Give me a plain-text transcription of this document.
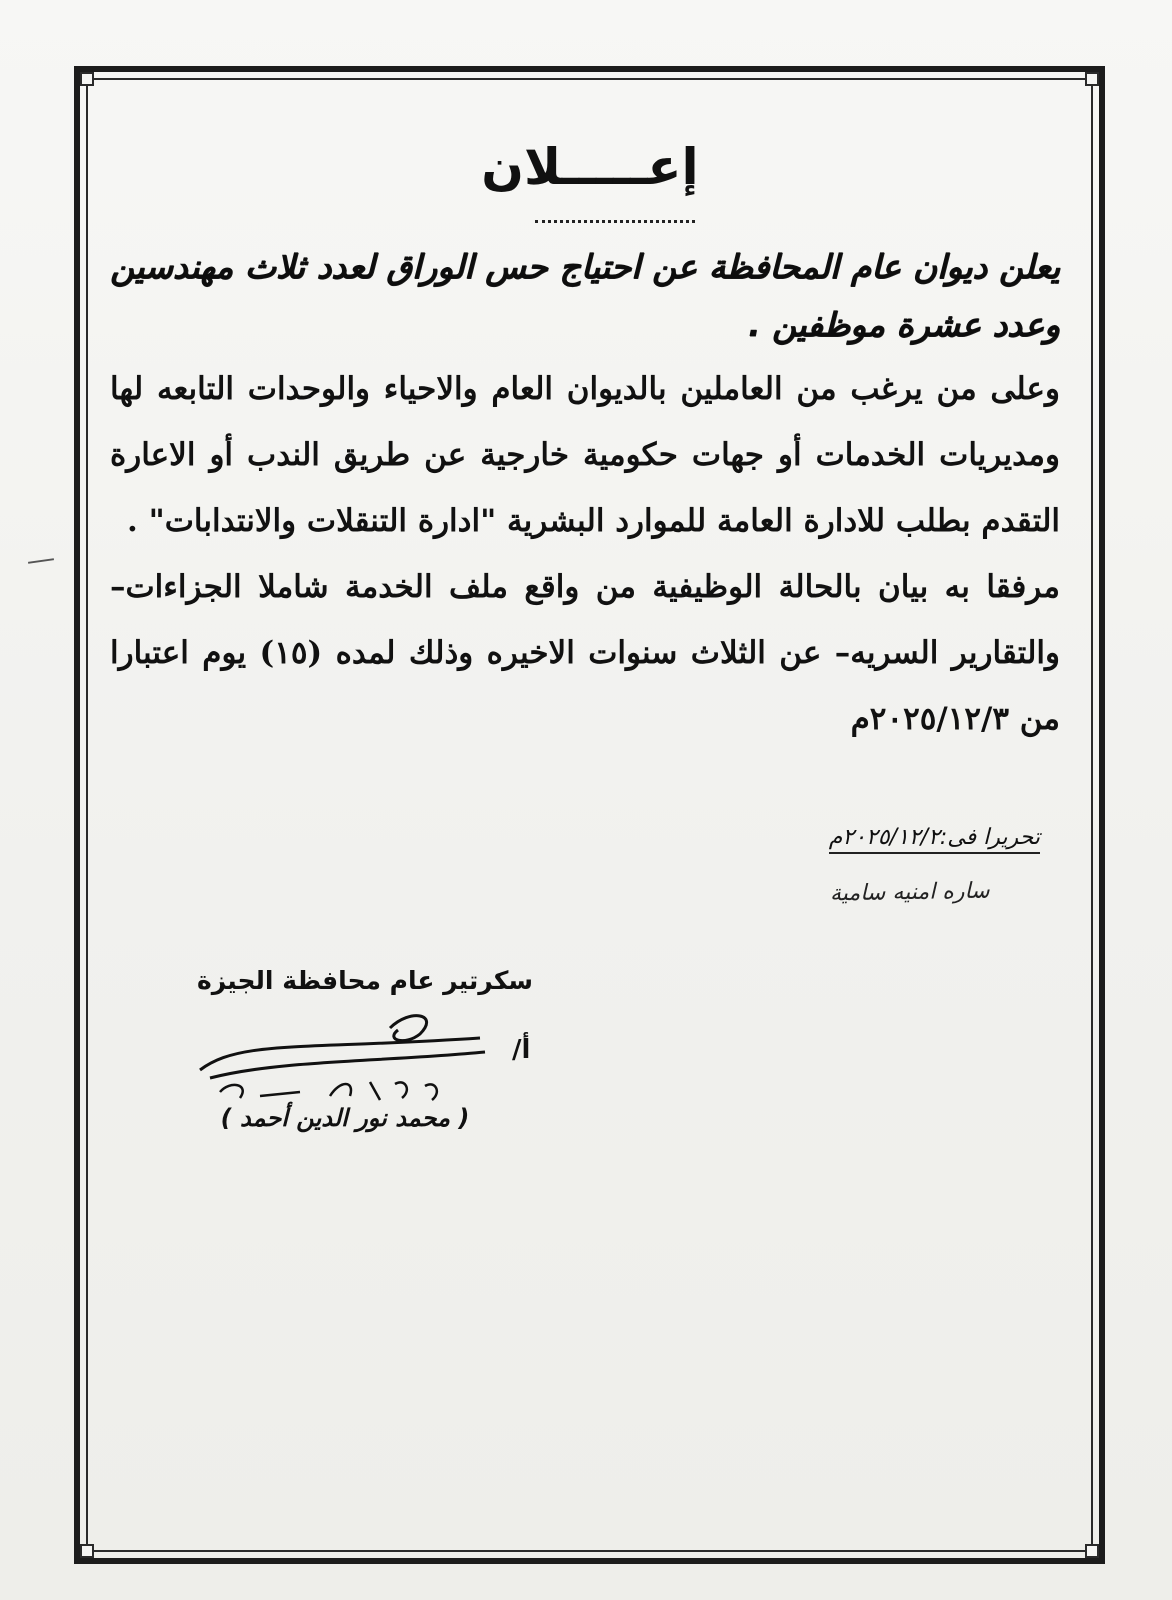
إعـــــلان
يعلن ديوان عام المحافظة عن احتياج حس الوراق لعدد ثلاث مهندسين وعدد عشرة موظفين .

وعلى من يرغب من العاملين بالديوان العام والاحياء والوحدات التابعه لها ومديريات الخدمات أو جهات حكومية خارجية عن طريق الندب أو الاعارة التقدم بطلب للادارة العامة للموارد البشرية "ادارة التنقلات والانتدابات" .

مرفقا به بيان بالحالة الوظيفية من واقع ملف الخدمة شاملا الجزاءات– والتقارير السريه– عن الثلاث سنوات الاخيره وذلك لمده (١٥) يوم اعتبارا من ٢٠٢٥/١٢/٣م

تحريرا فى:٢٠٢٥/١٢/٢م
ساره امنيه سامية
سكرتير عام محافظة الجيزة
أ/
( محمد نور الدين أحمد )
